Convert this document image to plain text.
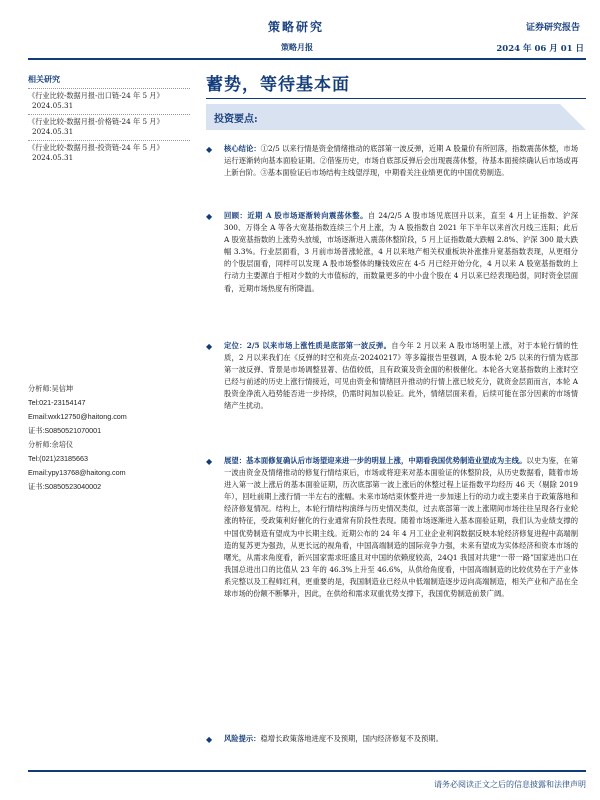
策略研究
策略月报
证券研究报告
2024 年 06 月 01 日
相关研究
《行业比较-数据月报-出口链-24 年 5 月》
2024.05.31
《行业比较-数据月报-价格链-24 年 5 月》
2024.05.31
《行业比较-数据月报-投资链-24 年 5 月》
2024.05.31
分析师:吴信坤
Tel:021-23154147
Email:wxk12750@haitong.com
证书:S0850521070001
分析师:余培仪
Tel:(021)23185663
Email:ypy13768@haitong.com
证书:S0850523040002
蓄势，等待基本面
投资要点:
◆	核心结论：①2/5 以来行情是资金情绪推动的底部第一波反弹，近期 A 股量价有所回落，指数震荡休整，市场运行逐渐转向基本面验证期。②借鉴历史，市场自底部反弹后会出现震荡休整，待基本面接续确认后市场或再上新台阶。③基本面验证后市场结构主线望浮现，中期看关注业绩更优的中国优势制造。
◆	回顾：近期 A 股市场逐渐转向震荡休整。自 24/2/5 A 股市场见底回升以来，直至 4 月上证指数、沪深 300、万得全 A 等各大宽基指数连续三个月上涨，为 A 股指数自 2021 年下半年以来首次月线三连阳；此后 A 股宽基指数的上涨势头放缓，市场逐渐进入震荡休整阶段，5 月上证指数最大跌幅 2.8%、沪深 300 最大跌幅 3.3%。行业层面看，3 月前市场普涨轮涨，4 月以来地产相关权重板块补涨推升宽基指数表现，从更细分的个股层面看，同样可以发现 A 股市场整体的赚钱效应在 4-5 月已经开始分化，4 月以来 A 股宽基指数的上行动力主要源自于相对少数的大市值标的，而数量更多的中小盘个股在 4 月以来已经表现趋弱，同时资金层面看，近期市场热度有所降温。
◆	定位：2/5 以来市场上涨性质是底部第一波反弹。自今年 2 月以来 A 股市场明显上涨，对于本轮行情的性质，2 月以来我们在《反弹的时空和亮点-20240217》等多篇报告里强调，A 股本轮 2/5 以来的行情为底部第一波反弹、背景是市场调整显著、估值较低，且有政策及资金面的积极催化。本轮各大宽基指数的上涨时空已经与前述的历史上涨行情接近，可见由资金和情绪回升推动的行情上涨已较充分，就资金层面而言，本轮 A 股资金净流入趋势能否进一步持续，仍需时间加以验证。此外，情绪层面来看，后续可能在部分因素的市场情绪产生扰动。
◆	展望：基本面修复确认后市场望迎来进一步的明显上涨，中期看我国优势制造业望成为主线。以史为鉴，在第一波由资金及情绪推动的修复行情结束后，市场或将迎来对基本面验证的休整阶段，从历史数据看，随着市场进入第一波上涨后的基本面验证期，历次底部第一波上涨后的休整过程上证指数平均经历 46 天（剔除 2019 年），回吐前期上涨行情一半左右的涨幅。未来市场结束休整并进一步加速上行的动力或主要来自于政策落地和经济修复情况。结构上，本轮行情结构演绎与历史情况类似，过去底部第一波上涨期间市场往往呈现各行业轮涨的特征，受政策利好催化的行业通常有阶段性表现。随着市场逐渐进入基本面验证期，我们认为业绩支撑的中国优势制造有望成为中长期主线。近期公布的 24 年 4 月工业企业利润数据反映本轮经济修复进程中高端制造的复苏更为强劲，从更长远的视角看，中国高端制造的国际竞争力强，未来有望成为实体经济和资本市场的曙光，从需求角度看，新兴国家需求旺盛且对中国的依赖度较高，24Q1 我国对共建“一带一路”国家进出口在我国总进出口的比值从 23 年的 46.3%上升至 46.6%，从供给角度看，中国高端制造的比较优势在于产业体系完整以及工程师红利，更重要的是，我国制造业已经从中低端制造逐步迈向高端制造，相关产业和产品在全球市场的份额不断攀升，因此，在供给和需求双重优势支撑下，我国优势制造前景广阔。
◆	风险提示：稳增长政策落地进度不及预期，国内经济修复不及预期。
请务必阅读正文之后的信息披露和法律声明
